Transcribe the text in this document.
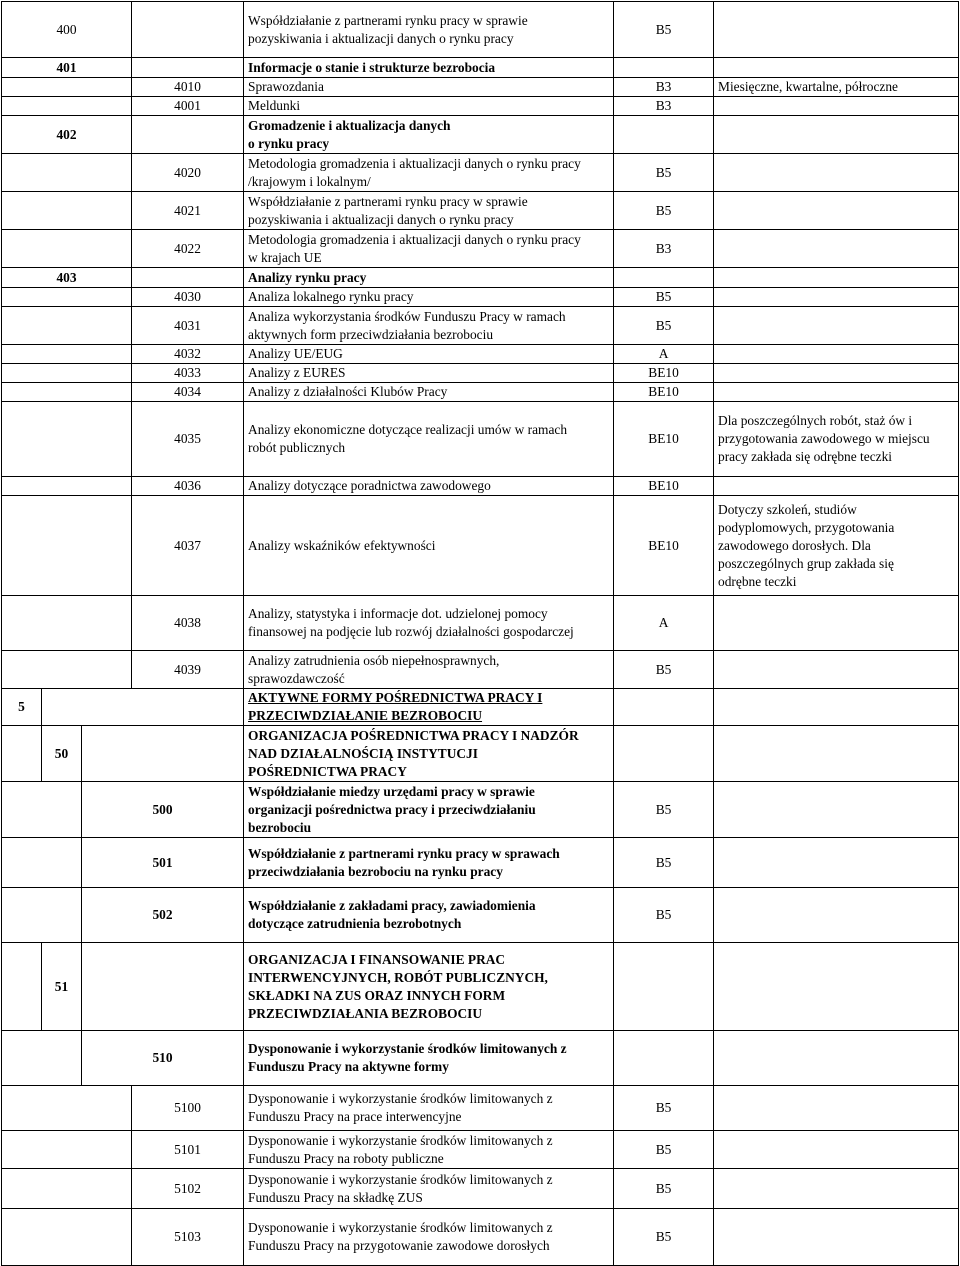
400				Współdziałanie z partnerami rynku pracy w sprawie
pozyskiwania i aktualizacji danych o rynku pracy	B5	
401				Informacje o stanie i strukturze bezrobocia		
			4010	Sprawozdania	B3	Miesięczne, kwartalne, półroczne
			4001	Meldunki	B3	
402				Gromadzenie i aktualizacja danych
o rynku pracy		
			4020	Metodologia gromadzenia i aktualizacji danych o rynku pracy
/krajowym i lokalnym/	B5	
			4021	Współdziałanie z partnerami rynku pracy w sprawie
pozyskiwania i aktualizacji danych o rynku pracy	B5	
			4022	Metodologia gromadzenia i aktualizacji danych o rynku pracy
w krajach UE	B3	
403				Analizy rynku pracy		
			4030	Analiza lokalnego rynku pracy	B5	
			4031	Analiza wykorzystania środków Funduszu Pracy w ramach
aktywnych form przeciwdziałania bezrobociu	B5	
			4032	Analizy UE/EUG	A	
			4033	Analizy z EURES	BE10	
			4034	Analizy z działalności Klubów Pracy	BE10	
			4035	Analizy ekonomiczne dotyczące realizacji umów w ramach
robót publicznych	BE10	Dla poszczególnych robót, staż ów i
przygotowania zawodowego w miejscu
pracy zakłada się odrębne teczki
			4036	Analizy dotyczące poradnictwa zawodowego	BE10	
			4037	Analizy wskaźników efektywności	BE10	Dotyczy szkoleń, studiów
podyplomowych, przygotowania
zawodowego dorosłych. Dla
poszczególnych grup zakłada się
odrębne teczki
			4038	Analizy, statystyka i informacje dot. udzielonej pomocy
finansowej na podjęcie lub rozwój działalności gospodarczej	A	
			4039	Analizy zatrudnienia osób niepełnosprawnych,
sprawozdawczość	B5	
5				AKTYWNE FORMY POŚREDNICTWA PRACY I
PRZECIWDZIAŁANIE BEZROBOCIU		
	50			ORGANIZACJA POŚREDNICTWA PRACY I NADZÓR
NAD DZIAŁALNOŚCIĄ INSTYTUCJI
POŚREDNICTWA PRACY		
		500		Współdziałanie miedzy urzędami pracy w sprawie
organizacji pośrednictwa pracy i przeciwdziałaniu
bezrobociu	B5	
		501		Współdziałanie z partnerami rynku pracy w sprawach
przeciwdziałania bezrobociu na rynku pracy	B5	
		502		Współdziałanie z zakładami pracy, zawiadomienia
dotyczące zatrudnienia bezrobotnych	B5	
	51			ORGANIZACJA I FINANSOWANIE PRAC
INTERWENCYJNYCH, ROBÓT PUBLICZNYCH,
SKŁADKI NA ZUS ORAZ INNYCH FORM
PRZECIWDZIAŁANIA BEZROBOCIU		
		510		Dysponowanie i wykorzystanie środków limitowanych z
Funduszu Pracy na aktywne formy		
			5100	Dysponowanie i wykorzystanie środków limitowanych z
Funduszu Pracy na prace interwencyjne	B5	
			5101	Dysponowanie i wykorzystanie środków limitowanych z
Funduszu Pracy na roboty publiczne	B5	
			5102	Dysponowanie i wykorzystanie środków limitowanych z
Funduszu Pracy na składkę ZUS	B5	
			5103	Dysponowanie i wykorzystanie środków limitowanych z
Funduszu Pracy na przygotowanie zawodowe dorosłych	B5	
